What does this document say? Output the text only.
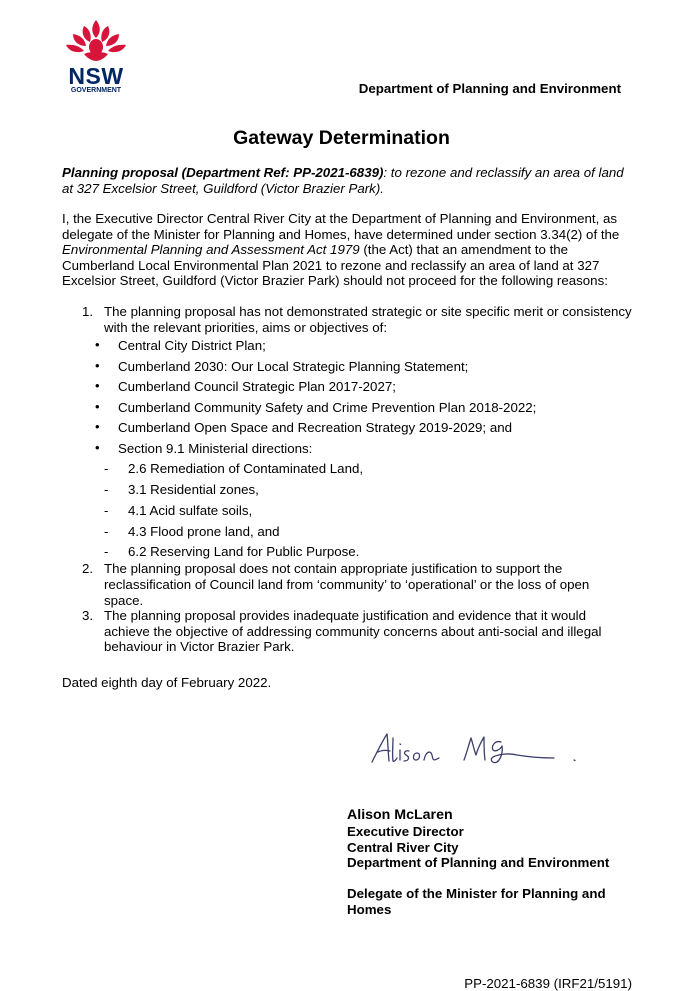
NSW
GOVERNMENT	Department of Planning and Environment
Gateway Determination
Planning proposal (Department Ref: PP-2021-6839): to rezone and reclassify an area of land at 327 Excelsior Street, Guildford (Victor Brazier Park).
I, the Executive Director Central River City at the Department of Planning and Environment, as delegate of the Minister for Planning and Homes, have determined under section 3.34(2) of the Environmental Planning and Assessment Act 1979 (the Act) that an amendment to the Cumberland Local Environmental Plan 2021 to rezone and reclassify an area of land at 327 Excelsior Street, Guildford (Victor Brazier Park) should not proceed for the following reasons:
1. The planning proposal has not demonstrated strategic or site specific merit or consistency with the relevant priorities, aims or objectives of:
• Central City District Plan;
• Cumberland 2030: Our Local Strategic Planning Statement;
• Cumberland Council Strategic Plan 2017-2027;
• Cumberland Community Safety and Crime Prevention Plan 2018-2022;
• Cumberland Open Space and Recreation Strategy 2019-2029; and
• Section 9.1 Ministerial directions:
- 2.6 Remediation of Contaminated Land,
- 3.1 Residential zones,
- 4.1 Acid sulfate soils,
- 4.3 Flood prone land, and
- 6.2 Reserving Land for Public Purpose.
2. The planning proposal does not contain appropriate justification to support the reclassification of Council land from ‘community’ to ‘operational’ or the loss of open space.
3. The planning proposal provides inadequate justification and evidence that it would achieve the objective of addressing community concerns about anti-social and illegal behaviour in Victor Brazier Park.
Dated eighth day of February 2022.
Alison McLaren
Executive Director
Central River City
Department of Planning and Environment
Delegate of the Minister for Planning and Homes
PP-2021-6839 (IRF21/5191)
